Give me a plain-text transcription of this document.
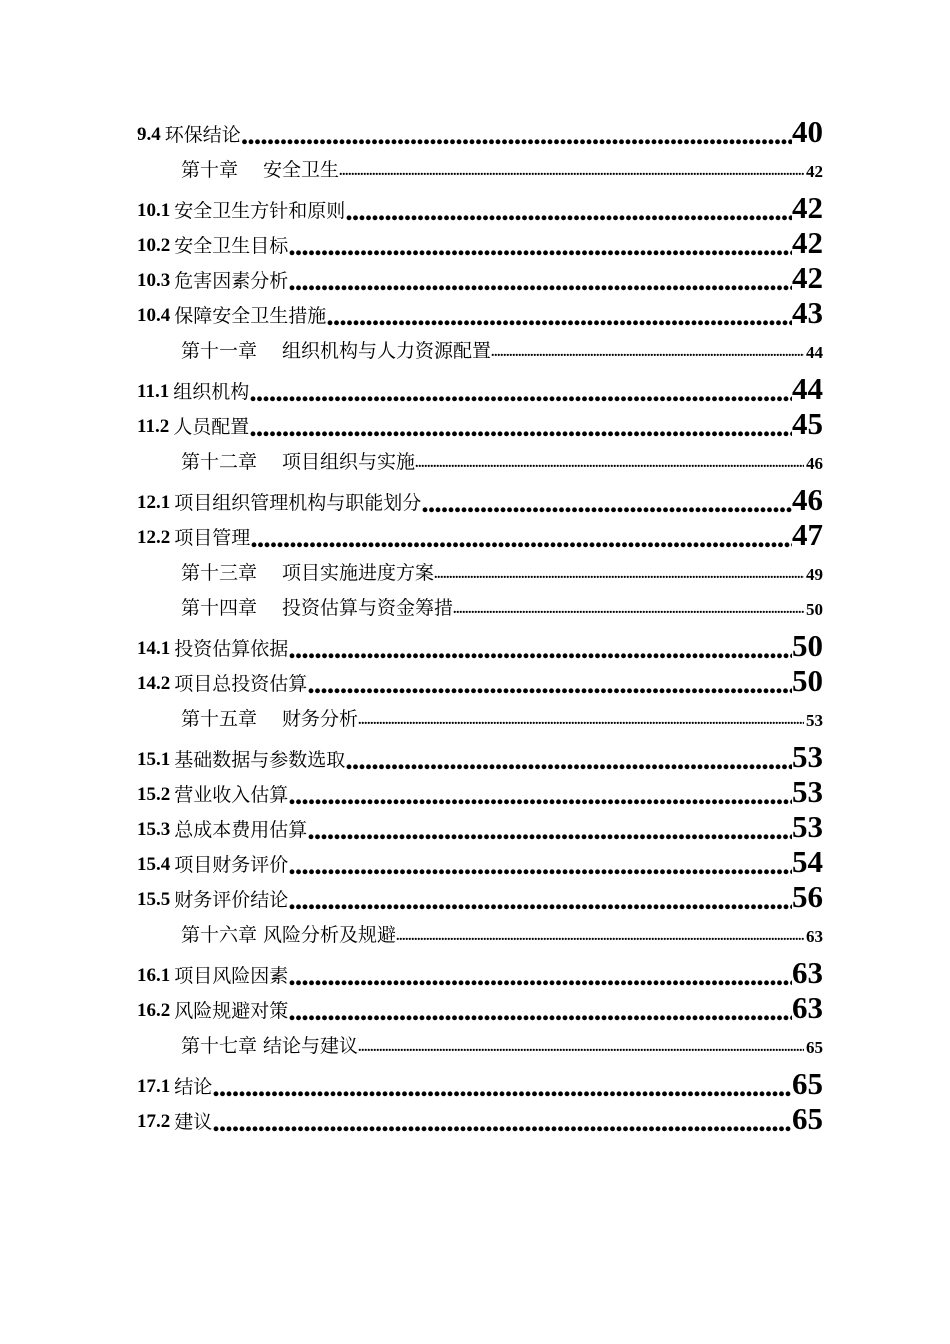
9.4 环保结论 .....	40
第十章　 安全卫生 .....	42
10.1 安全卫生方针和原则 .....	42
10.2 安全卫生目标 .....	42
10.3 危害因素分析 .....	42
10.4 保障安全卫生措施 .....	43
第十一章　 组织机构与人力资源配置 .....	44
11.1 组织机构 .....	44
11.2 人员配置 .....	45
第十二章　 项目组织与实施 .....	46
12.1 项目组织管理机构与职能划分 .....	46
12.2 项目管理 .....	47
第十三章　 项目实施进度方案 .....	49
第十四章　 投资估算与资金筹措 .....	50
14.1 投资估算依据 .....	50
14.2 项目总投资估算 .....	50
第十五章　 财务分析 .....	53
15.1 基础数据与参数选取 .....	53
15.2 营业收入估算 .....	53
15.3 总成本费用估算 .....	53
15.4 项目财务评价 .....	54
15.5 财务评价结论 .....	56
第十六章 风险分析及规避 .....	63
16.1 项目风险因素 .....	63
16.2 风险规避对策 .....	63
第十七章 结论与建议 .....	65
17.1 结论 .....	65
17.2 建议 .....	65
